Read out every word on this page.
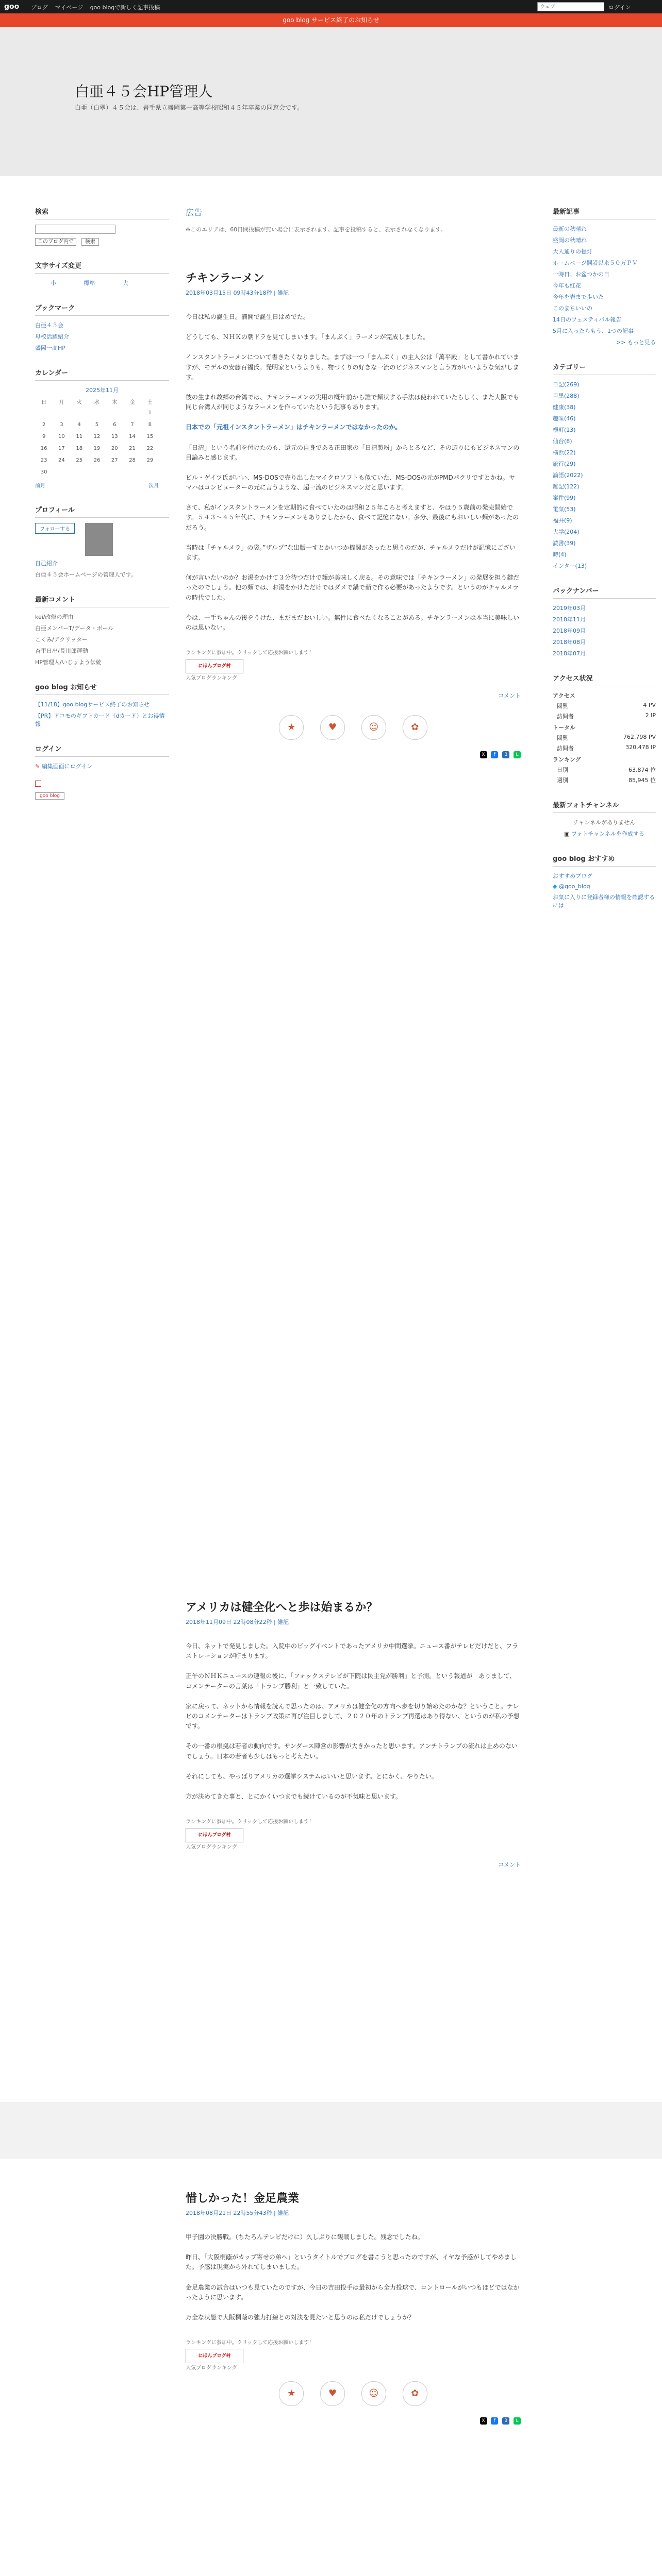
goo ブログ マイページ goo blogで新しく記事投稿
ウェブ	ログイン
goo blog サービス終了のお知らせ
白亜４５会HP管理人
白亜（白翠）４５会は、岩手県立盛岡第一高等学校昭和４５年卒業の同窓会です。
検索
このブログ内で 検索
文字サイズ変更
小	標準	大
ブックマーク
白亜４５会
母校活躍紹介
盛岡一高HP
カレンダー
2025年11月
日	月	火	水	木	金	土
						1
2	3	4	5	6	7	8
9	10	11	12	13	14	15
16	17	18	19	20	21	22
23	24	25	26	27	28	29
30						
前月	次月
プロフィール
フォローする
自己紹介
白亜４５会ホームページの管理人です。
最新コメント
kei/改修の理由
白亜メンバーT/データ・ボール
こくみ/アクリッター
杏里日出/長川郎運動
HP管理人/いじょよう伝統
goo blog お知らせ
【11/18】goo blogサービス終了のお知らせ
【PR】ドコモのギフトカード（dカード）とお得情報
ログイン
✎ 編集画面にログイン
goo blog
広告
※このエリアは、60日間投稿が無い場合に表示されます。記事を投稿すると、表示されなくなります。
チキンラーメン
2018年03月15日 09時43分18秒 | 雑記

今日は私の誕生日。満開で誕生日はめでた。

どうしても、ＮＨＫの朝ドラを見てしまいます。「まんぷく」ラーメンが完成しました。

インスタントラーメンについて書きたくなりました。まずは一つ「まんぷく」の主人公は「萬平殿」として書かれていますが、モデルの安藤百福氏。発明家というよりも、物づくりの好きな一流のビジネスマンと言う方がいいような気がします。

彼の生まれ故郷の台湾では、チキンラーメンの実用の概年前から誰で麺状する手法は使われていたらしく、また大阪でも同じ台湾人が同じようなラーメンを作っていたという記事もあります。

日本での「元祖インスタントラーメン」はチキンラーメンではなかったのか。

「日清」という名前を付けたのも、還元の自身である正田家の「日清製粉」からとるなど、その辺りにもビジネスマンの目論みと感じます。

ビル・ゲイツ氏がいい、MS-DOSで売り出したマイクロソフトも似ていた、MS-DOSの元がPMDパクリですとかね。ヤマハはコンピューターの元に言うような、超一流のビジネスマンだと思います。

さて、私がインスタントラーメンを定期的に食べていたのは昭和２５年ころと考えますと、やはり５歳前の発売開始です。５４３～４５年代に、チキンラーメンもありましたから、食べて記憶にない。多分、最後にもおいしい麺があったのだろう。

当時は「チャルメラ」の袋。”ザルプ”な出版一すとかいつか機関があったと思うのだが、チャルメラだけが記憶にございます。

何が言いたいのか？お湯をかけて３分待つだけで麺が美味しく戻る。その意味では「チキンラーメン」の発展を担う鍵だったのでしょう。他の麺では、お湯をかけただけではダメで鍋で茹で作る必要があったようです。というのがチャルメラの時代でした。

今は、一手ちゃんの後をうけた、まだまだおいしい。無性に食べたくなることがある。チキンラーメンは本当に美味しいのは思いない。

ランキングに参加中。クリックして応援お願いします！
にほんブログ村
人気ブログランキング
コメント
★	♥	☺	✿
X f B L
アメリカは健全化へと歩は始まるか？
2018年11月09日 22時08分22秒 | 雑記

今日、ネットで発見しました。入院中のビッグイベントであったアメリカ中間選挙。ニュース番がテレビだけだと、フラストレーションが貯まります。

正午のＮＨＫニュースの速報の後に、「フォックステレビが下院は民主党が勝利」と予測。という報道が　ありまして、コメンテーターの言葉は「トランプ勝利」と一致していた。

家に戻って、ネットから情報を読んで思ったのは、アメリカは健全化の方向へ歩を切り始めたのかな？ということ。テレビのコメンテーターはトランプ政策に再び注目しまして、２０２０年のトランプ再選はあり得ない、というのが私の予想です。

その一番の根拠は若者の動向です。サンダース陣営の影響が大きかったと思います。アンチトランプの流れは止めのないでしょう。日本の若者も少しはもっと考えたい。

それにしても、やっぱりアメリカの選挙システムはいいと思います。とにかく、やりたい。

方が決めてきた事と、とにかくいつまでも続けているのが不気味と思います。

ランキングに参加中。クリックして応援お願いします！
にほんブログ村
人気ブログランキング
コメント
惜しかった！金足農業
2018年08月21日 22時55分43秒 | 雑記

甲子園の決勝戦。（ちたろんテレビだけに）久しぶりに観戦しました。残念でしたね。

昨日、「大阪桐蔭がカップ寄せの弟へ」というタイトルでブログを書こうと思ったのですが、イヤな予感がしてやめました。予感は現実から外れてしまいました。

金足農業の試合はいつも見ていたのですが、今日の吉田投手は最初から全力投球で、コントロールがいつもほどではなかったように思います。

万全な状態で大阪桐蔭の強力打線との対決を見たいと思うのは私だけでしょうか？

ランキングに参加中。クリックして応援お願いします！
にほんブログ村
人気ブログランキング
★	♥	☺	✿
X f B L

最新記事
最新の秋晴れ
盛岡の秋晴れ
大人通りの提灯
ホームページ開設以来５０万ＰＶ
一時日、お盆つかの日
今年も紅花
今年を岩まで歩いた
このまちいいの
14日のフェスティバル報告
5月に入ったらもう、1つの記事
>> もっと見る
カテゴリー
日記(269)
目黒(288)
健康(38)
趣味(46)
横町(13)
仙台(8)
横浜(22)
旅行(29)
論語(2022)
雑記(122)
案件(99)
電気(53)
福井(9)
大学(204)
読書(39)
時(4)
インター(13)
バックナンバー
2019年03月
2018年11月
2018年09月
2018年08月
2018年07月
アクセス状況
アクセス
閲覧	4 PV
訪問者	2 IP
トータル
閲覧	762,798 PV
訪問者	320,478 IP
ランキング
日別	63,874 位
週別	85,945 位
最新フォトチャンネル
チャンネルがありません
▣ フォトチャンネルを作成する
goo blog おすすめ
おすすめブログ
◆ @goo_blog
お気に入りに登録者様の情報を確認するには
